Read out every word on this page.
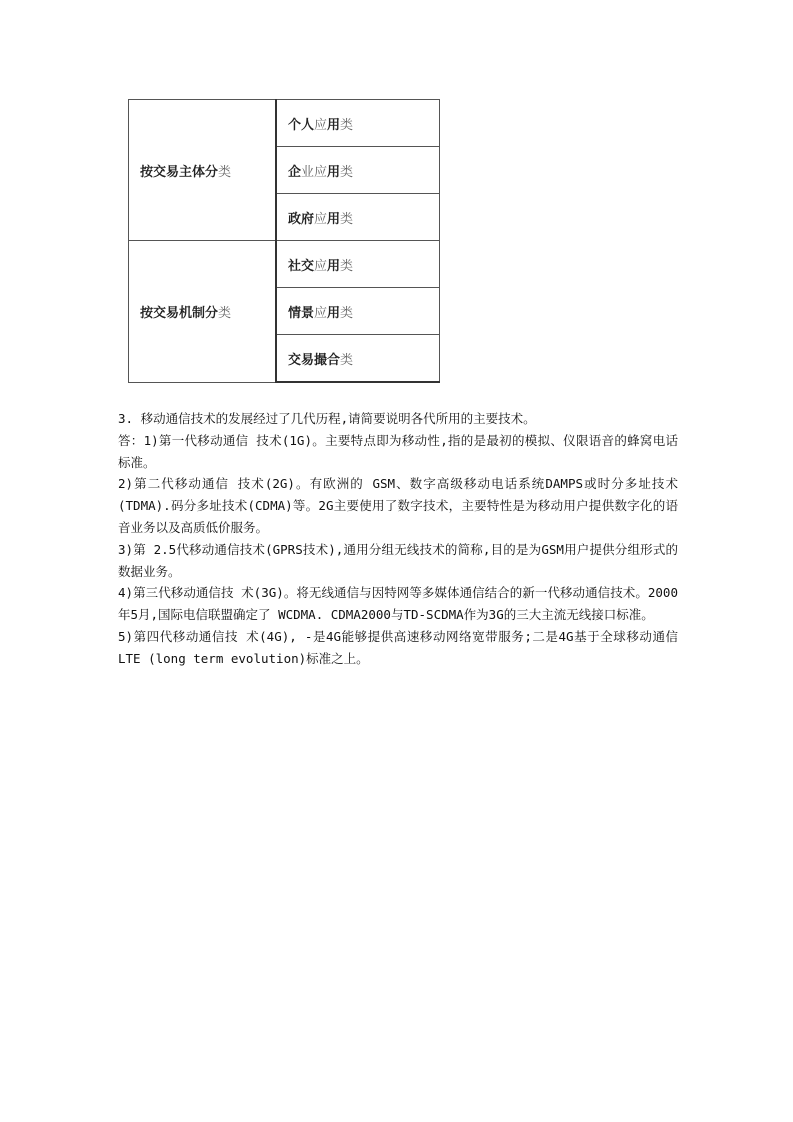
按交易主体分类	个人应用类
	企业应用类
	政府应用类
按交易机制分类	社交应用类
	情景应用类
	交易撮合类

3. 移动通信技术的发展经过了几代历程,请简要说明各代所用的主要技术。

答：1)第一代移动通信 技术(1G)。主要特点即为移动性,指的是最初的模拟、仪限语音的蜂窝电话标准。

2)第二代移动通信 技术(2G)。有欧洲的 GSM、数字高级移动电话系统DAMPS或时分多址技术(TDMA).码分多址技术(CDMA)等。2G主要使用了数字技术，主要特性是为移动用户提供数字化的语音业务以及高质低价服务。

3)第 2.5代移动通信技术(GPRS技术),通用分组无线技术的简称,目的是为GSM用户提供分组形式的数据业务。

4)第三代移动通信技 术(3G)。将无线通信与因特网等多媒体通信结合的新一代移动通信技术。2000年5月,国际电信联盟确定了 WCDMA. CDMA2000与TD-SCDMA作为3G的三大主流无线接口标准。

5)第四代移动通信技 术(4G), -是4G能够提供高速移动网络宽带服务;二是4G基于全球移动通信LTE (long term evolution)标准之上。
